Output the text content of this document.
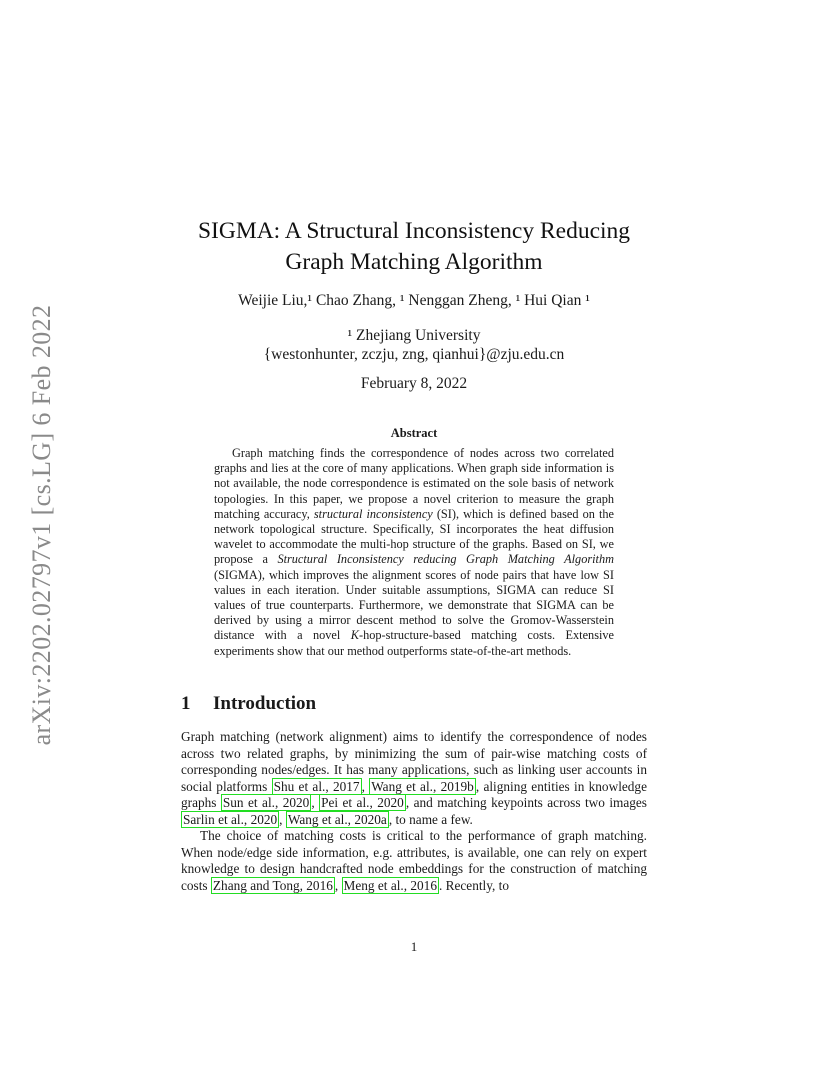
arXiv:2202.02797v1 [cs.LG] 6 Feb 2022
SIGMA: A Structural Inconsistency Reducing
Graph Matching Algorithm
Weijie Liu,¹ Chao Zhang, ¹ Nenggan Zheng, ¹ Hui Qian ¹
¹ Zhejiang University
{westonhunter, zczju, zng, qianhui}@zju.edu.cn
February 8, 2022
Abstract

Graph matching finds the correspondence of nodes across two correlated graphs and lies at the core of many applications. When graph side information is not available, the node correspondence is estimated on the sole basis of network topologies. In this paper, we propose a novel criterion to measure the graph matching accuracy, structural inconsistency (SI), which is defined based on the network topological structure. Specifically, SI incorporates the heat diffusion wavelet to accommodate the multi-hop structure of the graphs. Based on SI, we propose a Structural Inconsistency reducing Graph Matching Algorithm (SIGMA), which improves the alignment scores of node pairs that have low SI values in each iteration. Under suitable assumptions, SIGMA can reduce SI values of true counterparts. Furthermore, we demonstrate that SIGMA can be derived by using a mirror descent method to solve the Gromov-Wasserstein distance with a novel K-hop-structure-based matching costs. Extensive experiments show that our method outperforms state-of-the-art methods.

1 Introduction

Graph matching (network alignment) aims to identify the correspondence of nodes across two related graphs, by minimizing the sum of pair-wise matching costs of corresponding nodes/edges. It has many applications, such as linking user accounts in social platforms Shu et al., 2017 , Wang et al., 2019b , aligning entities in knowledge graphs Sun et al., 2020 , Pei et al., 2020 , and matching keypoints across two images Sarlin et al., 2020 , Wang et al., 2020a , to name a few.

The choice of matching costs is critical to the performance of graph matching. When node/edge side information, e.g. attributes, is available, one can rely on expert knowledge to design handcrafted node embeddings for the construction of matching costs Zhang and Tong, 2016 , Meng et al., 2016 . Recently, to

1
